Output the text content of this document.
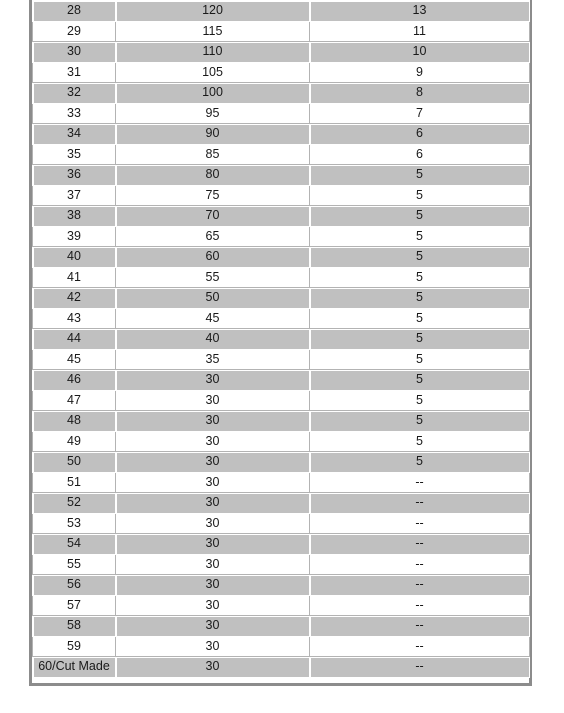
28	120	13
29	115	11
30	110	10
31	105	9
32	100	8
33	95	7
34	90	6
35	85	6
36	80	5
37	75	5
38	70	5
39	65	5
40	60	5
41	55	5
42	50	5
43	45	5
44	40	5
45	35	5
46	30	5
47	30	5
48	30	5
49	30	5
50	30	5
51	30	--
52	30	--
53	30	--
54	30	--
55	30	--
56	30	--
57	30	--
58	30	--
59	30	--
60/Cut Made	30	--
